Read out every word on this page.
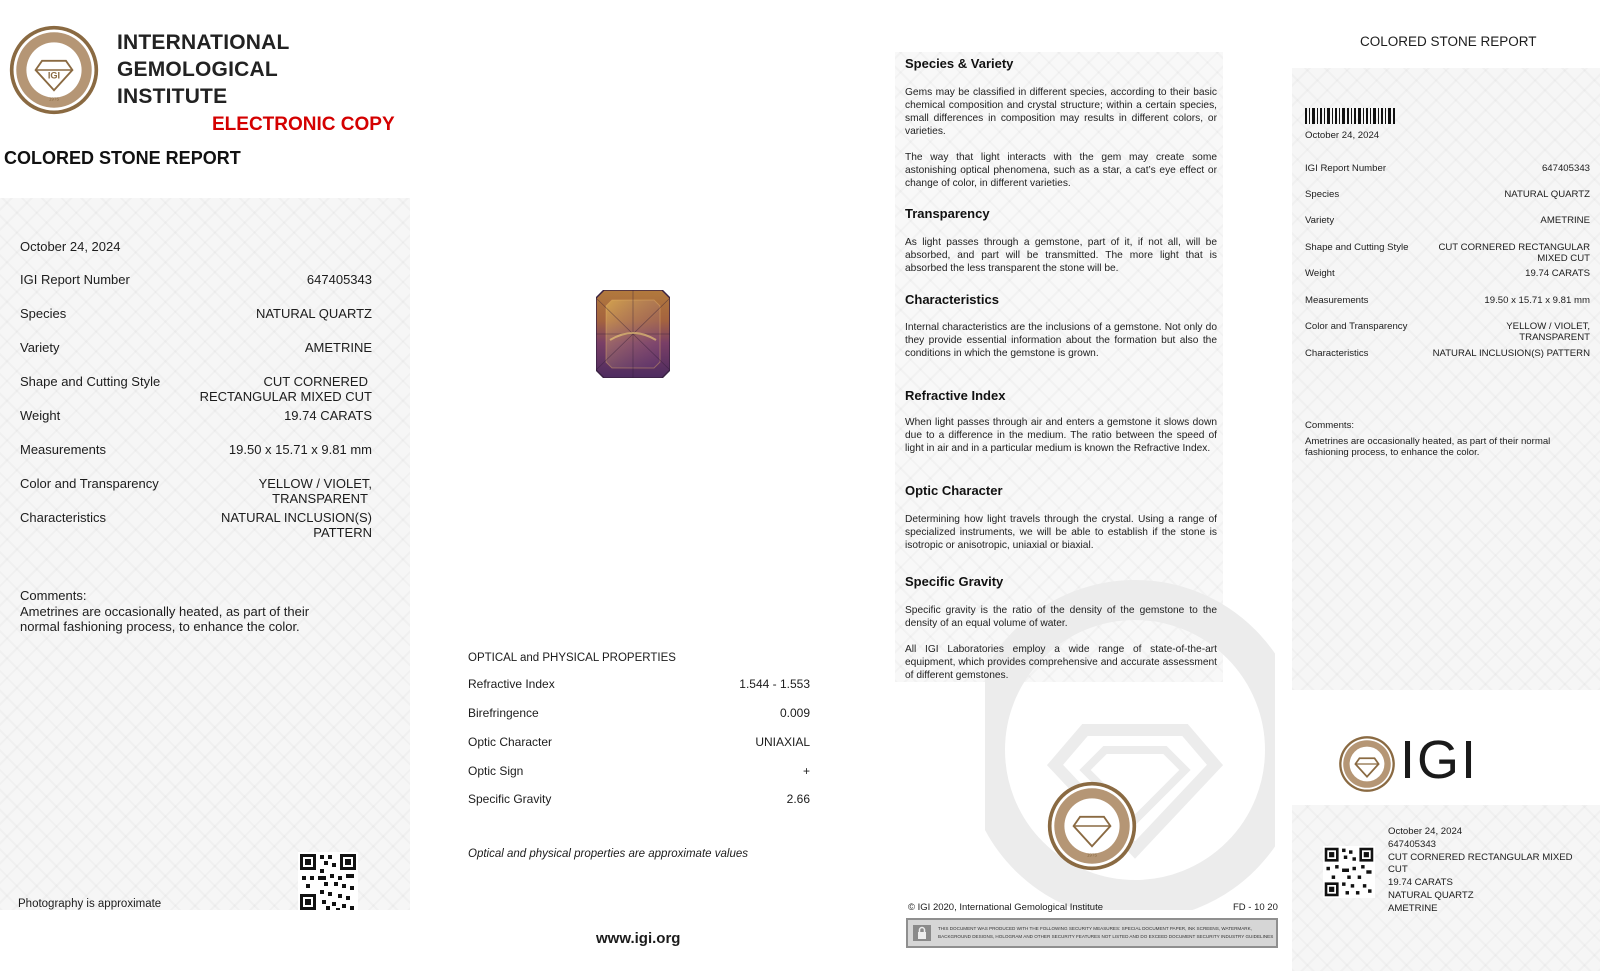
IGI
1975
INTERNATIONAL
GEMOLOGICAL
INSTITUTE
ELECTRONIC COPY
COLORED STONE REPORT
October 24, 2024
IGI Report Number	647405343
Species	NATURAL QUARTZ
Variety	AMETRINE
Shape and Cutting Style	CUT CORNERED
RECTANGULAR MIXED CUT
Weight	19.74 CARATS
Measurements	19.50 x 15.71 x 9.81 mm
Color and Transparency	YELLOW / VIOLET,
TRANSPARENT
Characteristics	NATURAL INCLUSION(S)
PATTERN
Comments:
Ametrines are occasionally heated, as part of their
normal fashioning process, to enhance the color.
Photography is approximate
OPTICAL and PHYSICAL PROPERTIES
Refractive Index	1.544 - 1.553
Birefringence	0.009
Optic Character	UNIAXIAL
Optic Sign	+
Specific Gravity	2.66
Optical and physical properties are approximate values
www.igi.org
Species & Variety
Gems may be classified in different species, according to their basic chemical composition and crystal structure; within a certain species, small differences in composition may results in different colors, or varieties.
The way that light interacts with the gem may create some astonishing optical phenomena, such as a star, a cat’s eye effect or change of color, in different varieties.
Transparency
As light passes through a gemstone, part of it, if not all, will be absorbed, and part will be transmitted. The more light that is absorbed the less transparent the stone will be.
Characteristics
Internal characteristics are the inclusions of a gemstone. Not only do they provide essential information about the formation but also the conditions in which the gemstone is grown.
Refractive Index
When light passes through air and enters a gemstone it slows down due to a difference in the medium. The ratio between the speed of light in air and in a particular medium is known the Refractive Index.
Optic Character
Determining how light travels through the crystal. Using a range of specialized instruments, we will be able to establish if the stone is isotropic or anisotropic, uniaxial or biaxial.
Specific Gravity
Specific gravity is the ratio of the density of the gemstone to the density of an equal volume of water.
All IGI Laboratories employ a wide range of state-of-the-art equipment, which provides comprehensive and accurate assessment of different gemstones.
1975
© IGI 2020, International Gemological Institute	FD - 10 20
THIS DOCUMENT WAS PRODUCED WITH THE FOLLOWING SECURITY MEASURES: SPECIAL DOCUMENT PAPER, INK SCREENS, WATERMARK,
BACKGROUND DESIGNS, HOLOGRAM AND OTHER SECURITY FEATURES NOT LISTED AND DO EXCEED DOCUMENT SECURITY INDUSTRY GUIDELINES
COLORED STONE REPORT
October 24, 2024
IGI Report Number	647405343
Species	NATURAL QUARTZ
Variety	AMETRINE
Shape and Cutting Style	CUT CORNERED RECTANGULAR
MIXED CUT
Weight	19.74 CARATS
Measurements	19.50 x 15.71 x 9.81 mm
Color and Transparency	YELLOW / VIOLET,
TRANSPARENT
Characteristics	NATURAL INCLUSION(S) PATTERN
Comments:
Ametrines are occasionally heated, as part of their normal
fashioning process, to enhance the color.
IGI
October 24, 2024
647405343
CUT CORNERED RECTANGULAR MIXED
CUT
19.74 CARATS
NATURAL QUARTZ
AMETRINE
